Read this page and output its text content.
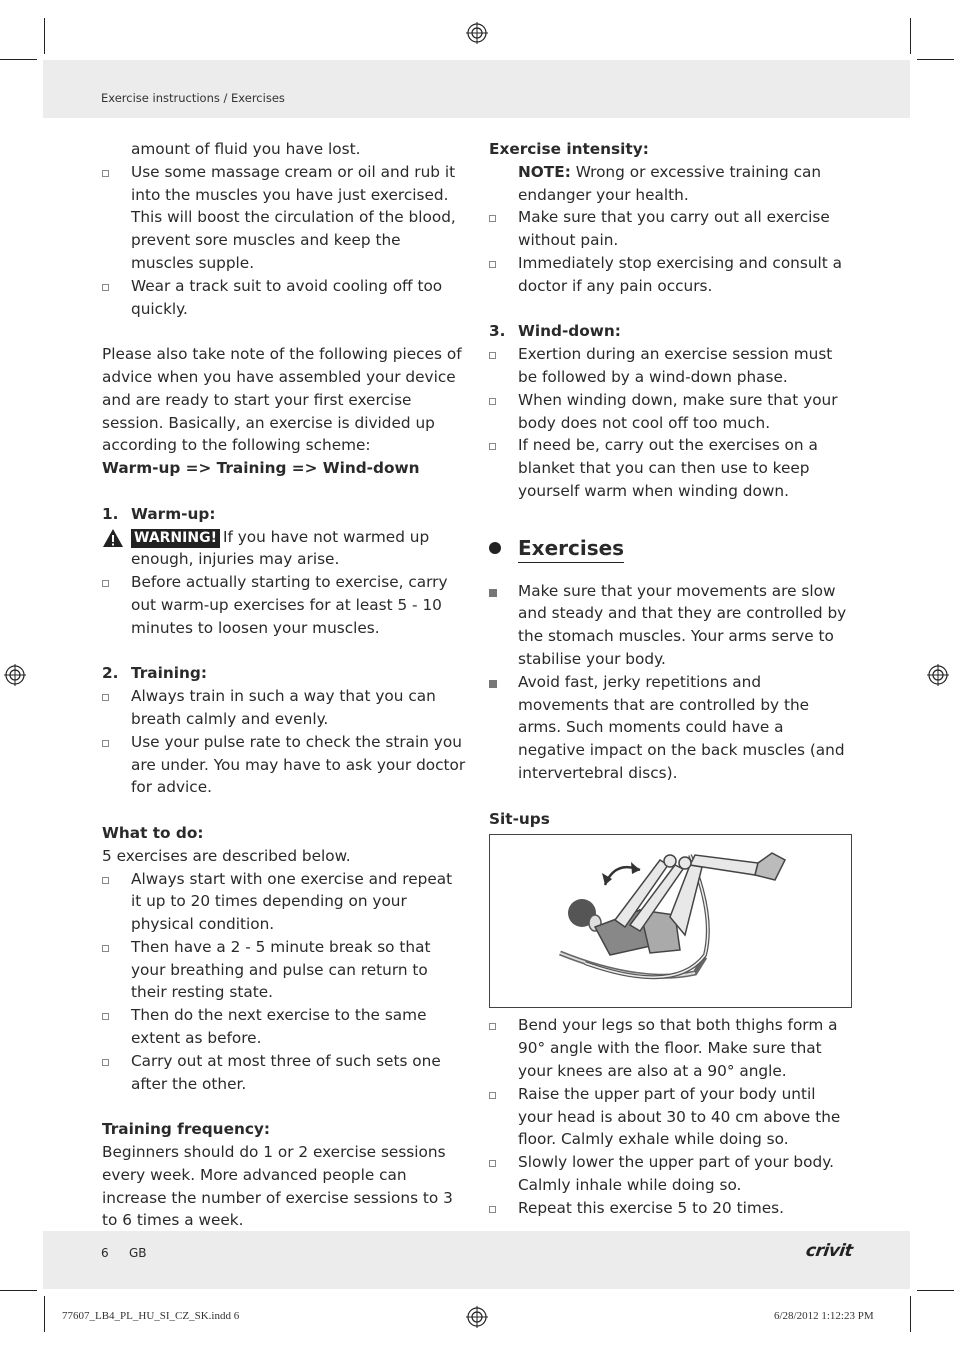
Exercise instructions / Exercises

amount of fluid you have lost.

Use some massage cream or oil and rub it into the muscles you have just exercised. This will boost the circulation of the blood, prevent sore muscles and keep the muscles supple.

Wear a track suit to avoid cooling off too quickly.

Please also take note of the following pieces of advice when you have assembled your device and are ready to start your first exercise session. Basically, an exercise is divided up according to the following scheme:

Warm-up => Training => Wind-down

1. Warm-up:

WARNING! If you have not warmed up enough, injuries may arise.

Before actually starting to exercise, carry out warm-up exercises for at least 5 - 10 minutes to loosen your muscles.

2. Training:

Always train in such a way that you can breath calmly and evenly.

Use your pulse rate to check the strain you are under. You may have to ask your doctor for advice.

What to do:

5 exercises are described below.

Always start with one exercise and repeat it up to 20 times depending on your physical condition.

Then have a 2 - 5 minute break so that your breathing and pulse can return to their resting state.

Then do the next exercise to the same extent as before.

Carry out at most three of such sets one after the other.

Training frequency:

Beginners should do 1 or 2 exercise sessions every week. More advanced people can increase the number of exercise sessions to 3 to 6 times a week.

Exercise intensity:

NOTE: Wrong or excessive training can endanger your health.

Make sure that you carry out all exercise without pain.

Immediately stop exercising and consult a doctor if any pain occurs.

3. Wind-down:

Exertion during an exercise session must be followed by a wind-down phase.

When winding down, make sure that your body does not cool off too much.

If need be, carry out the exercises on a blanket that you can then use to keep yourself warm when winding down.

Exercises

Make sure that your movements are slow and steady and that they are controlled by the stomach muscles. Your arms serve to stabilise your body.

Avoid fast, jerky repetitions and movements that are controlled by the arms. Such moments could have a negative impact on the back muscles (and intervertebral discs).

Sit-ups

Bend your legs so that both thighs form a 90° angle with the floor. Make sure that your knees are also at a 90° angle.

Raise the upper part of your body until your head is about 30 to 40 cm above the floor. Calmly exhale while doing so.

Slowly lower the upper part of your body. Calmly inhale while doing so.

Repeat this exercise 5 to 20 times.

6 GB	crivit
77607_LB4_PL_HU_SI_CZ_SK.indd 6	6/28/2012 1:12:23 PM
